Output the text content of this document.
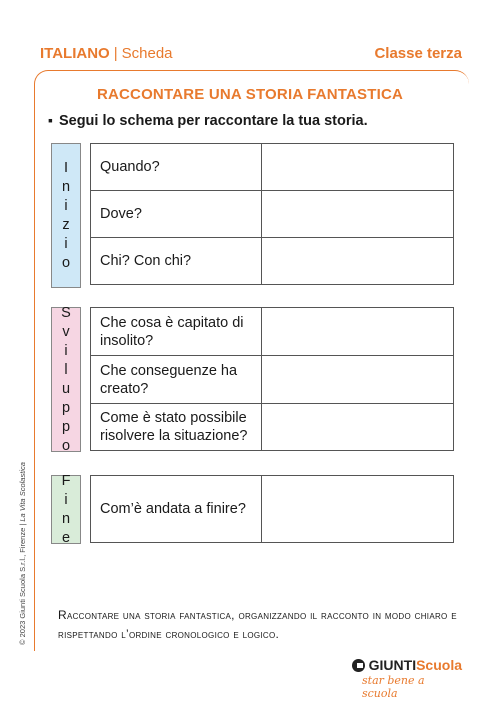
ITALIANO | Scheda	Classe terza
RACCONTARE UNA STORIA FANTASTICA
▪ Segui lo schema per raccontare la tua storia.
I
n
i
z
i
o
Quando?	
Dove?	
Chi? Con chi?	
S
v
i
l
u
p
p
o
Che cosa è capitato di insolito?	
Che conseguenze ha creato?	
Come è stato possibile risolvere la situazione?	
F
i
n
e
Com’è andata a finire?	
Raccontare una storia fantastica, organizzando il racconto in modo chiaro e rispettando l’ordine cronologico e logico.
© 2023 Giunti Scuola S.r.l., Firenze | La Vita Scolastica
GIUNTI Scuola
star bene a scuola
